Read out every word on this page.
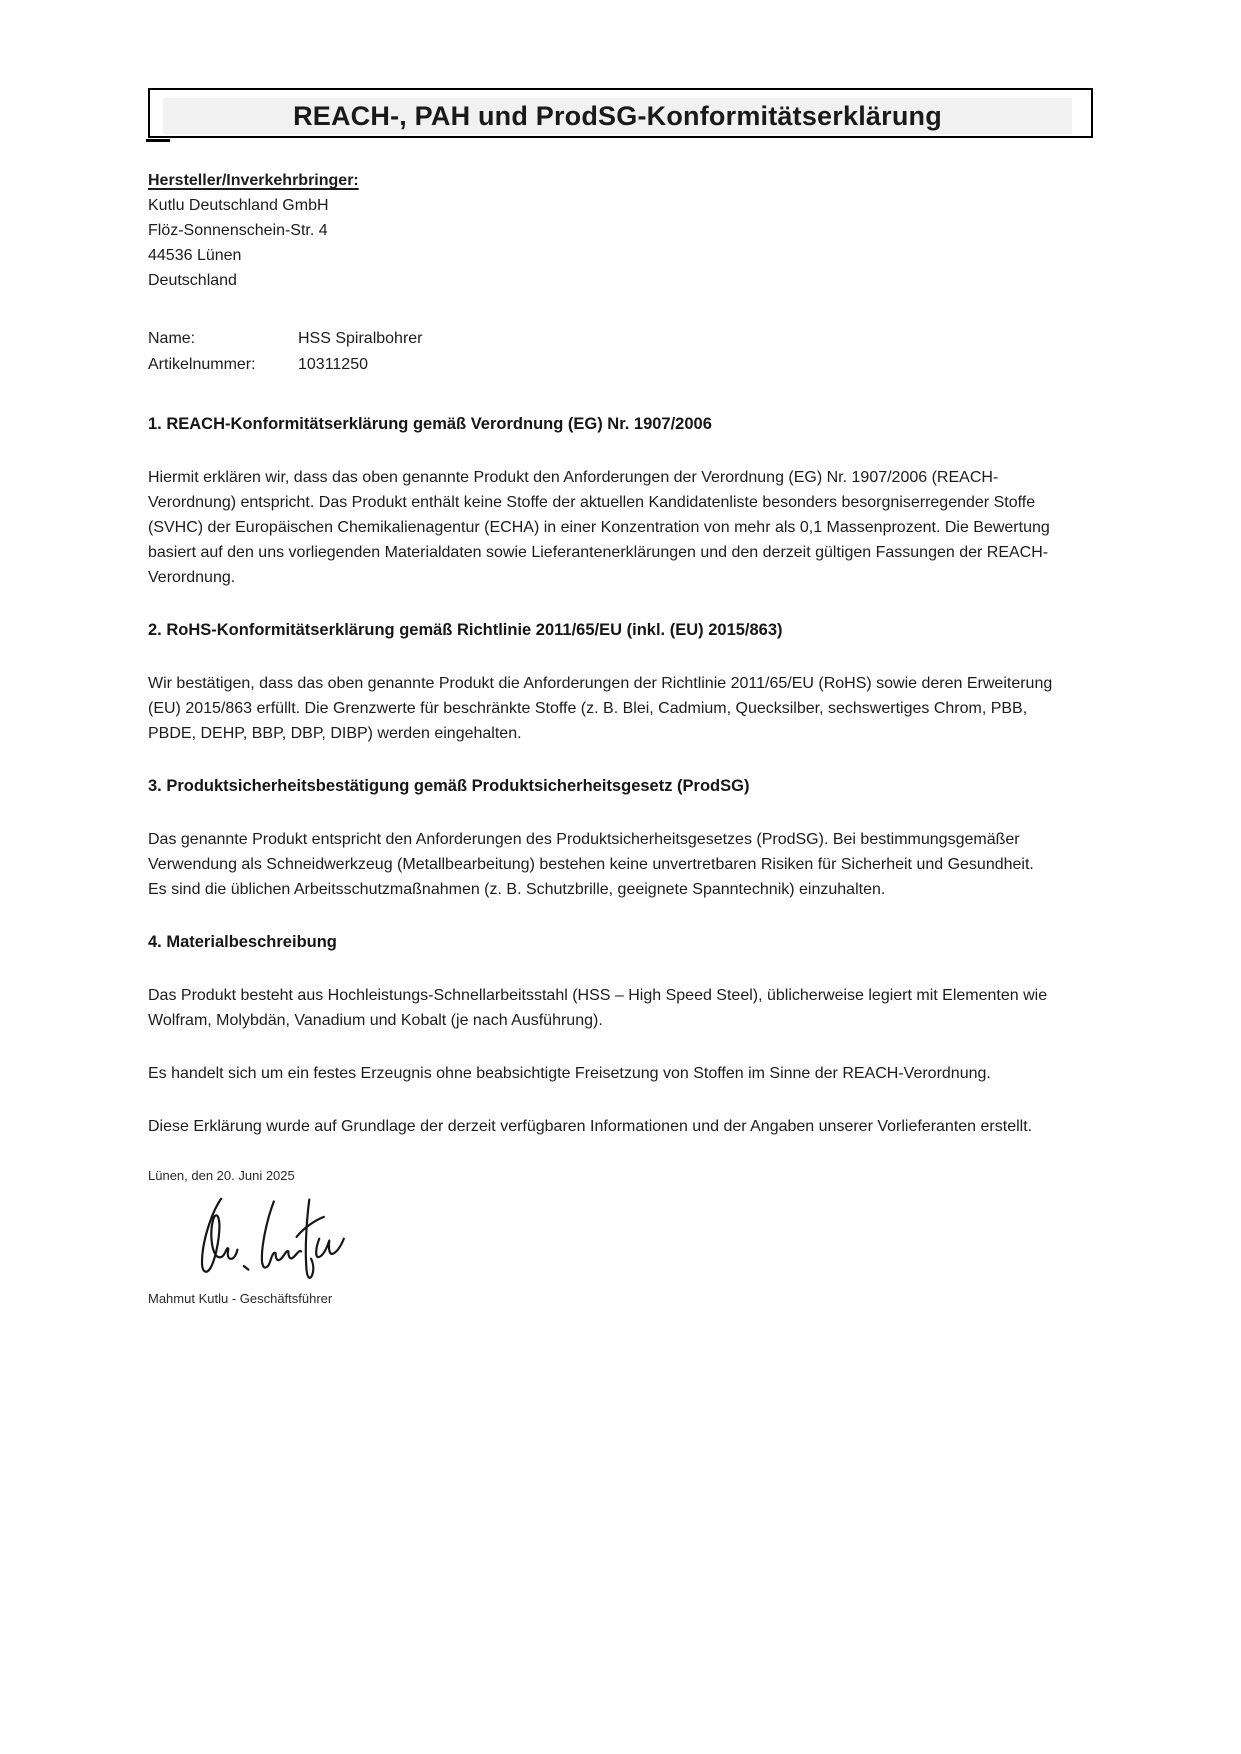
REACH-, PAH und ProdSG-Konformitätserklärung
Hersteller/Inverkehrbringer:
Kutlu Deutschland GmbH
Flöz-Sonnenschein-Str. 4
44536 Lünen
Deutschland
Name:	HSS Spiralbohrer
Artikelnummer:	10311250
1. REACH-Konformitätserklärung gemäß Verordnung (EG) Nr. 1907/2006

Hiermit erklären wir, dass das oben genannte Produkt den Anforderungen der Verordnung (EG) Nr. 1907/2006 (REACH-Verordnung) entspricht. Das Produkt enthält keine Stoffe der aktuellen Kandidatenliste besonders besorgniserregender Stoffe (SVHC) der Europäischen Chemikalienagentur (ECHA) in einer Konzentration von mehr als 0,1 Massenprozent. Die Bewertung basiert auf den uns vorliegenden Materialdaten sowie Lieferantenerklärungen und den derzeit gültigen Fassungen der REACH-Verordnung.

2. RoHS-Konformitätserklärung gemäß Richtlinie 2011/65/EU (inkl. (EU) 2015/863)

Wir bestätigen, dass das oben genannte Produkt die Anforderungen der Richtlinie 2011/65/EU (RoHS) sowie deren Erweiterung (EU) 2015/863 erfüllt. Die Grenzwerte für beschränkte Stoffe (z. B. Blei, Cadmium, Quecksilber, sechswertiges Chrom, PBB, PBDE, DEHP, BBP, DBP, DIBP) werden eingehalten.

3. Produktsicherheitsbestätigung gemäß Produktsicherheitsgesetz (ProdSG)

Das genannte Produkt entspricht den Anforderungen des Produktsicherheitsgesetzes (ProdSG). Bei bestimmungsgemäßer Verwendung als Schneidwerkzeug (Metallbearbeitung) bestehen keine unvertretbaren Risiken für Sicherheit und Gesundheit. Es sind die üblichen Arbeitsschutzmaßnahmen (z. B. Schutzbrille, geeignete Spanntechnik) einzuhalten.

4. Materialbeschreibung

Das Produkt besteht aus Hochleistungs-Schnellarbeitsstahl (HSS – High Speed Steel), üblicherweise legiert mit Elementen wie Wolfram, Molybdän, Vanadium und Kobalt (je nach Ausführung).

Es handelt sich um ein festes Erzeugnis ohne beabsichtigte Freisetzung von Stoffen im Sinne der REACH-Verordnung.

Diese Erklärung wurde auf Grundlage der derzeit verfügbaren Informationen und der Angaben unserer Vorlieferanten erstellt.

Lünen, den 20. Juni 2025
Mahmut Kutlu - Geschäftsführer
